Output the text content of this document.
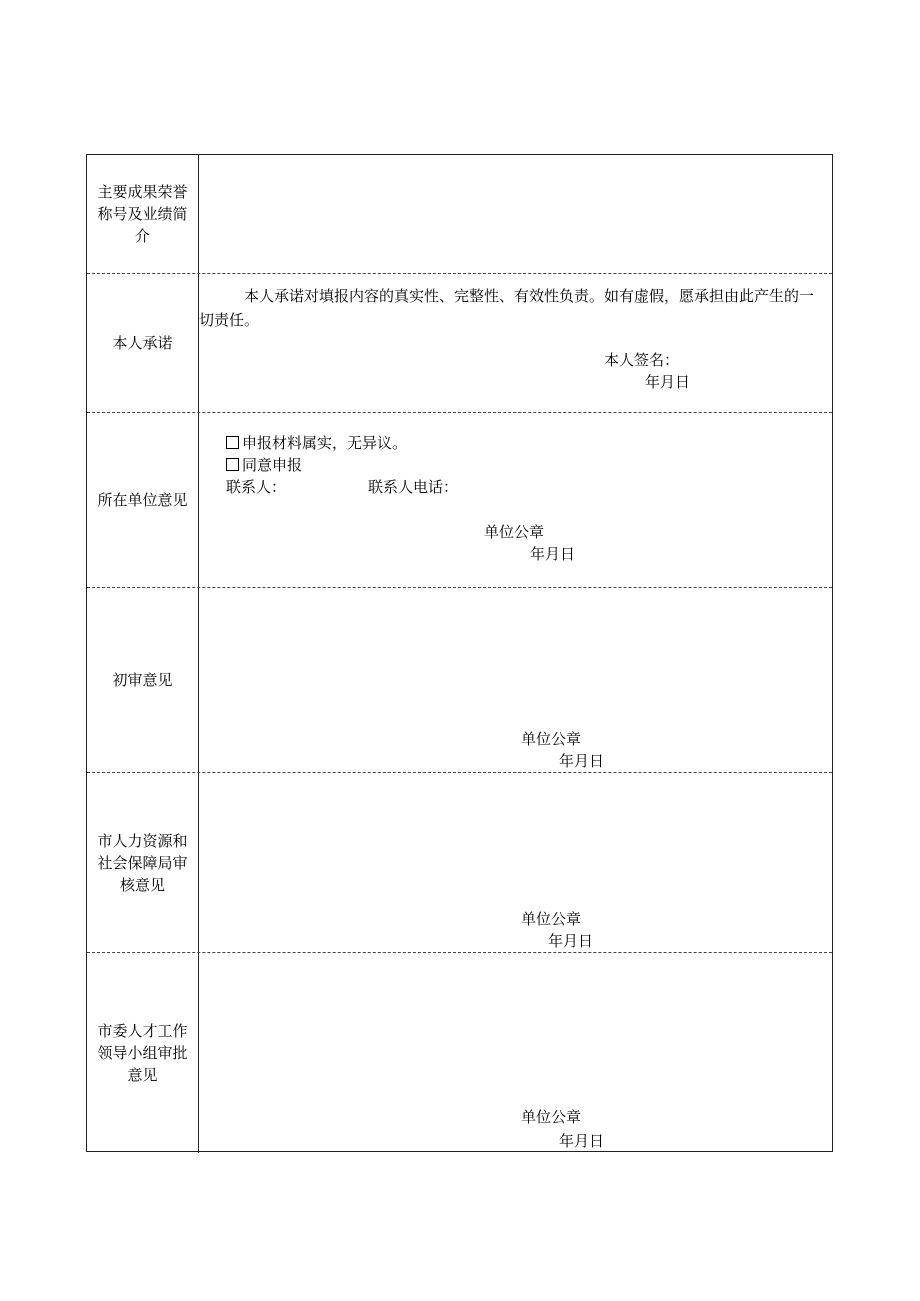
主要成果荣誉称号及业绩简介
本人承诺
本人承诺对填报内容的真实性、完整性、有效性负责。如有虚假，愿承担由此产生的一切责任。
本人签名：
年月日
所在单位意见
申报材料属实，无异议。
同意申报
联系人：	联系人电话：
单位公章
年月日
初审意见
单位公章
年月日
市人力资源和社会保障局审核意见
单位公章
年月日
市委人才工作领导小组审批意见
单位公章
年月日
